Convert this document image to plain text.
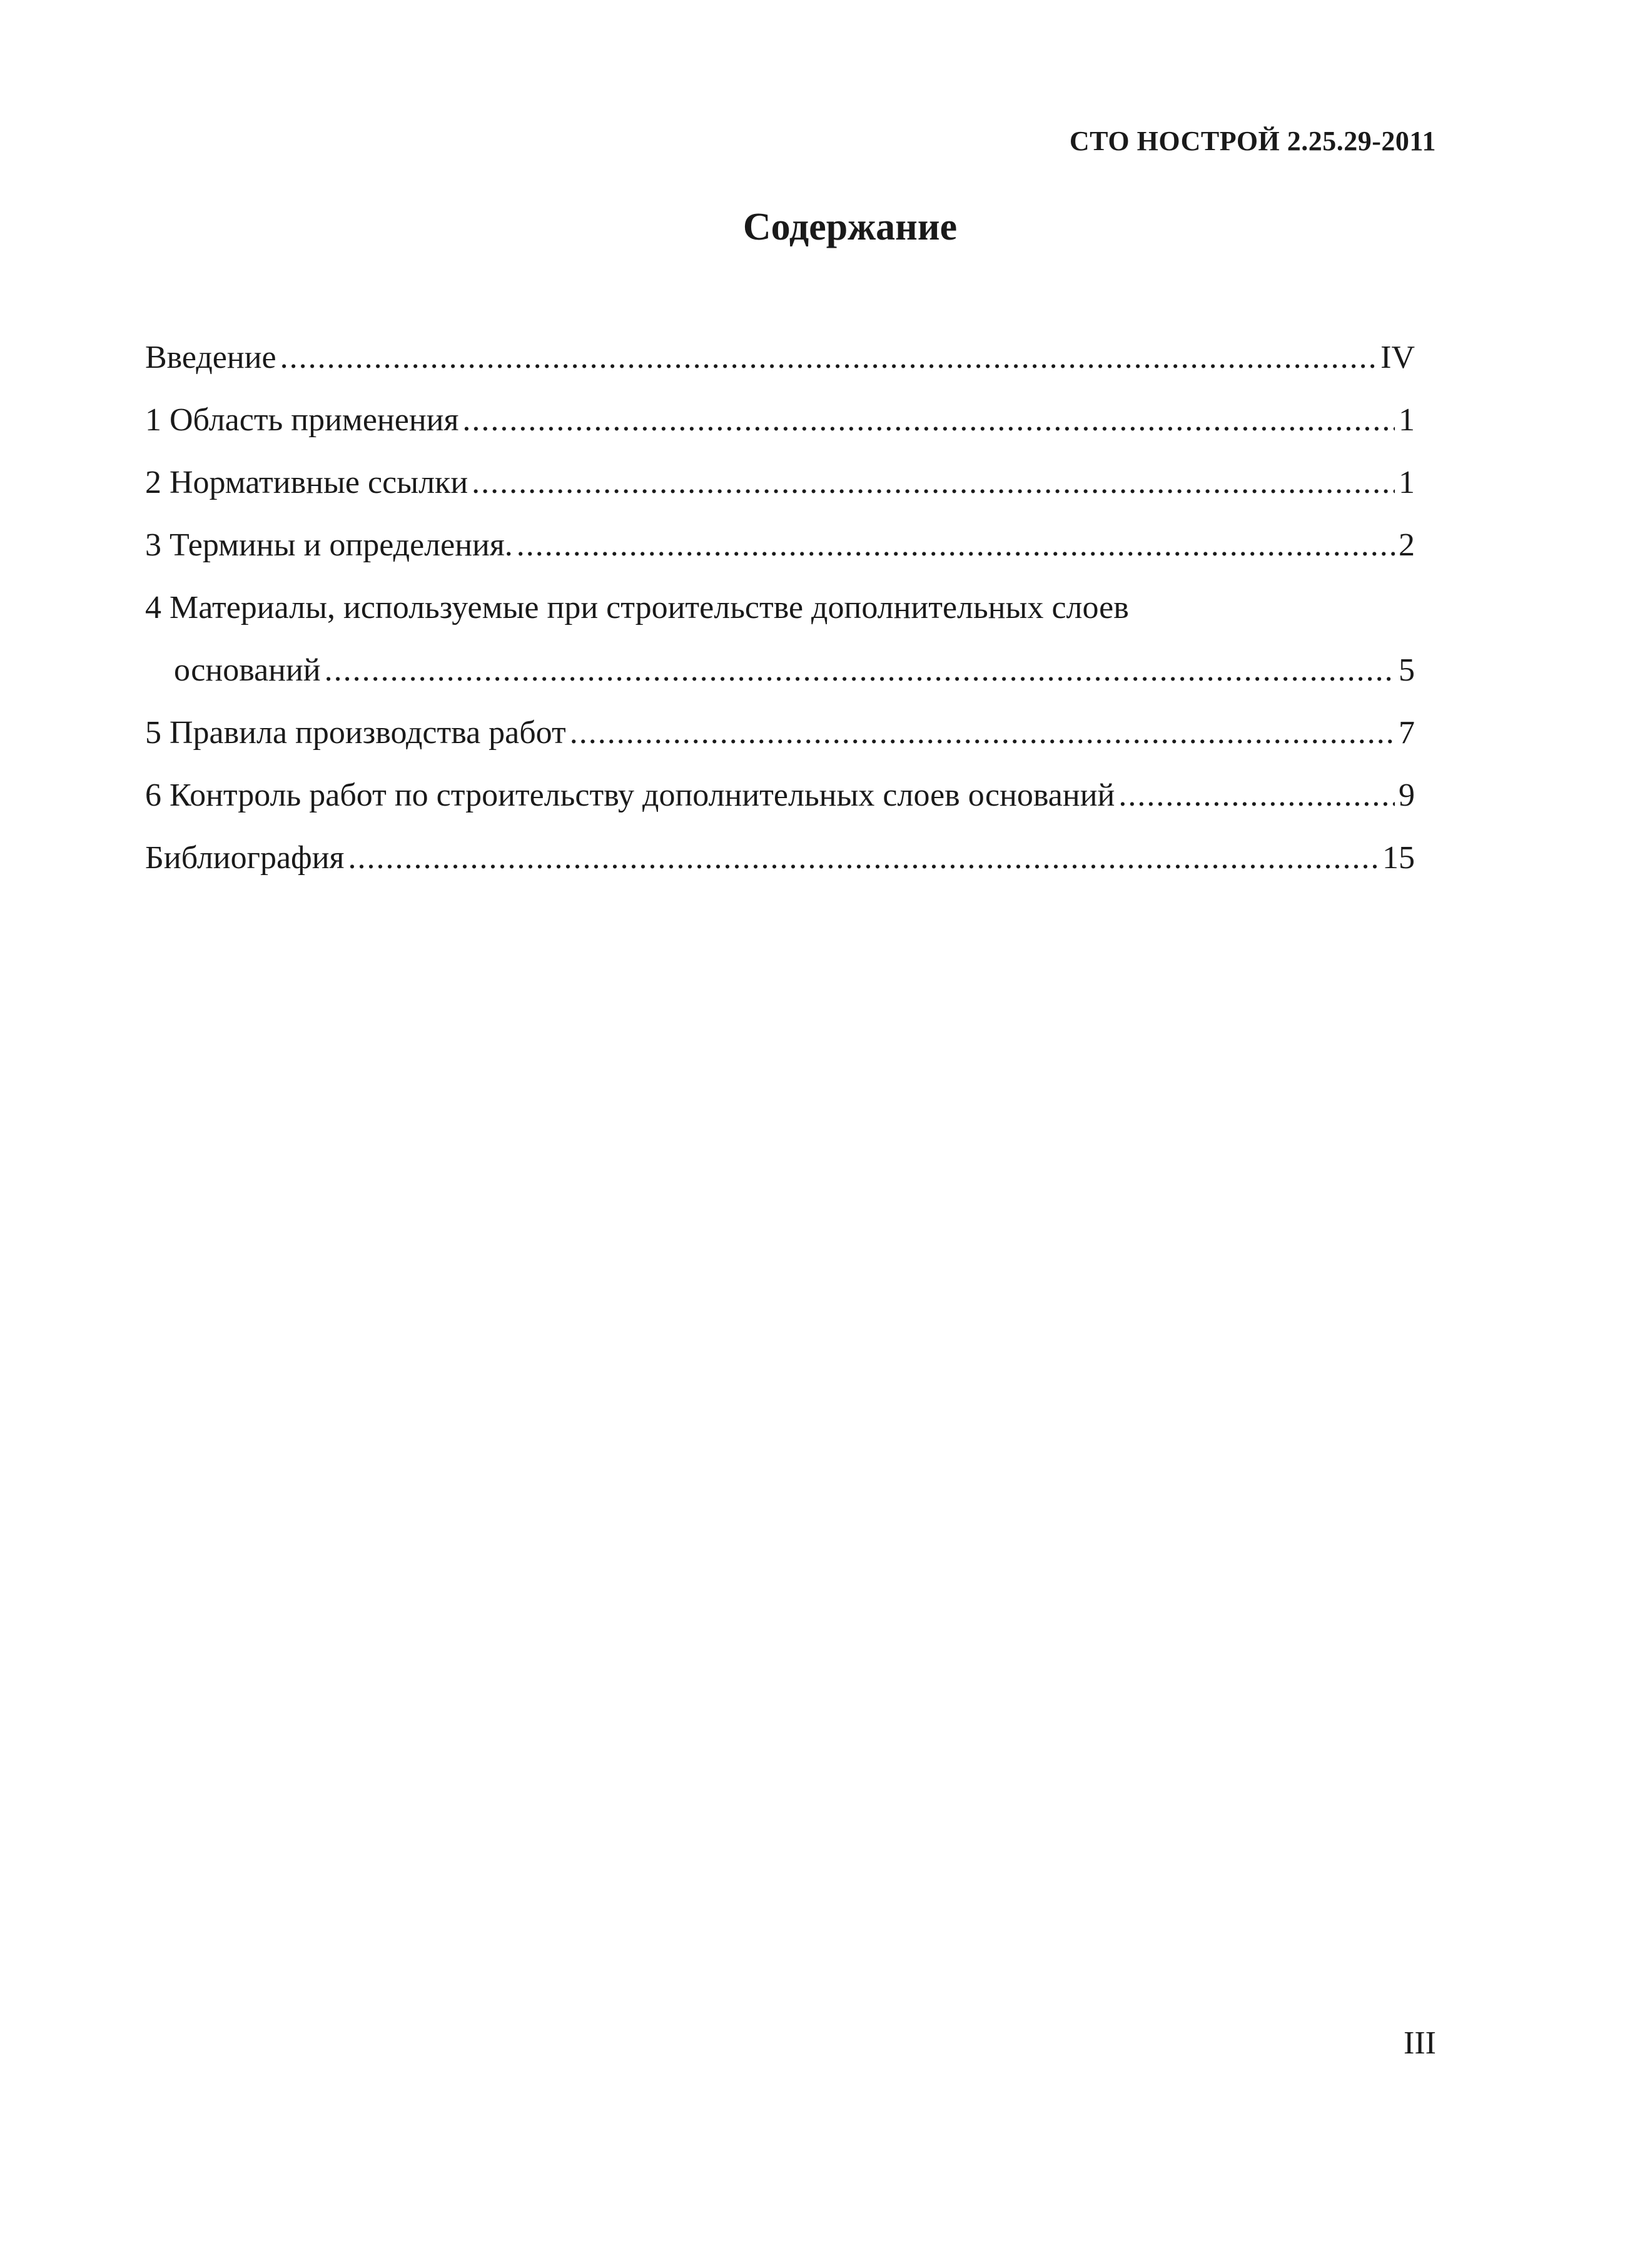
СТО НОСТРОЙ 2.25.29-2011
Содержание
Введение .....	IV
1 Область применения .....	1
2 Нормативные ссылки .....	1
3 Термины и определения. .....	2
4 Материалы, используемые при строительстве дополнительных слоев
оснований .....	5
5 Правила производства работ .....	7
6 Контроль работ по строительству дополнительных слоев оснований .....	9
Библиография .....	15
III
